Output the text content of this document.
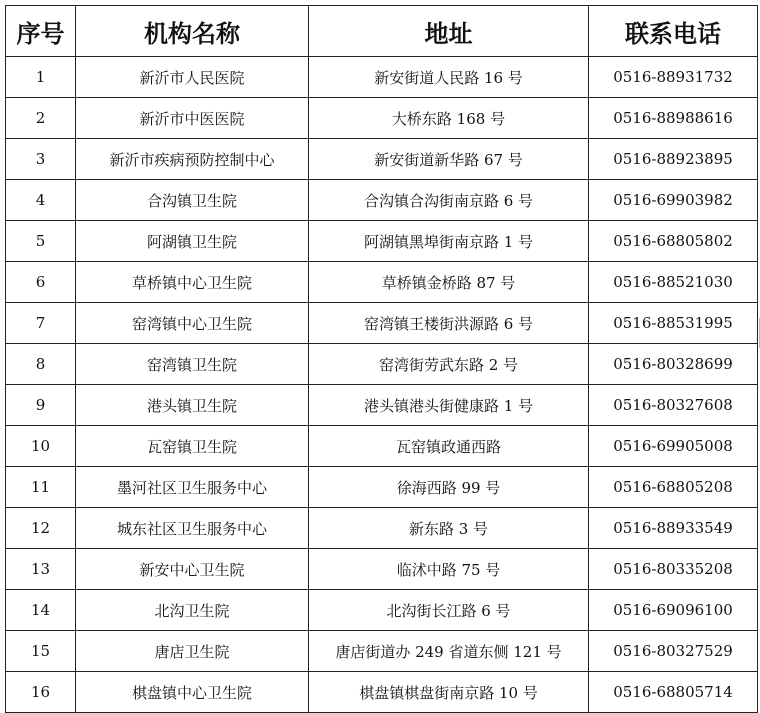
序号	机构名称	地址	联系电话
1	新沂市人民医院	新安街道人民路 16 号	0516-88931732
2	新沂市中医医院	大桥东路 168 号	0516-88988616
3	新沂市疾病预防控制中心	新安街道新华路 67 号	0516-88923895
4	合沟镇卫生院	合沟镇合沟街南京路 6 号	0516-69903982
5	阿湖镇卫生院	阿湖镇黑埠街南京路 1 号	0516-68805802
6	草桥镇中心卫生院	草桥镇金桥路 87 号	0516-88521030
7	窑湾镇中心卫生院	窑湾镇王楼街洪源路 6 号	0516-88531995
8	窑湾镇卫生院	窑湾街劳武东路 2 号	0516-80328699
9	港头镇卫生院	港头镇港头街健康路 1 号	0516-80327608
10	瓦窑镇卫生院	瓦窑镇政通西路	0516-69905008
11	墨河社区卫生服务中心	徐海西路 99 号	0516-68805208
12	城东社区卫生服务中心	新东路 3 号	0516-88933549
13	新安中心卫生院	临沭中路 75 号	0516-80335208
14	北沟卫生院	北沟街长江路 6 号	0516-69096100
15	唐店卫生院	唐店街道办 249 省道东侧 121 号	0516-80327529
16	棋盘镇中心卫生院	棋盘镇棋盘街南京路 10 号	0516-68805714
